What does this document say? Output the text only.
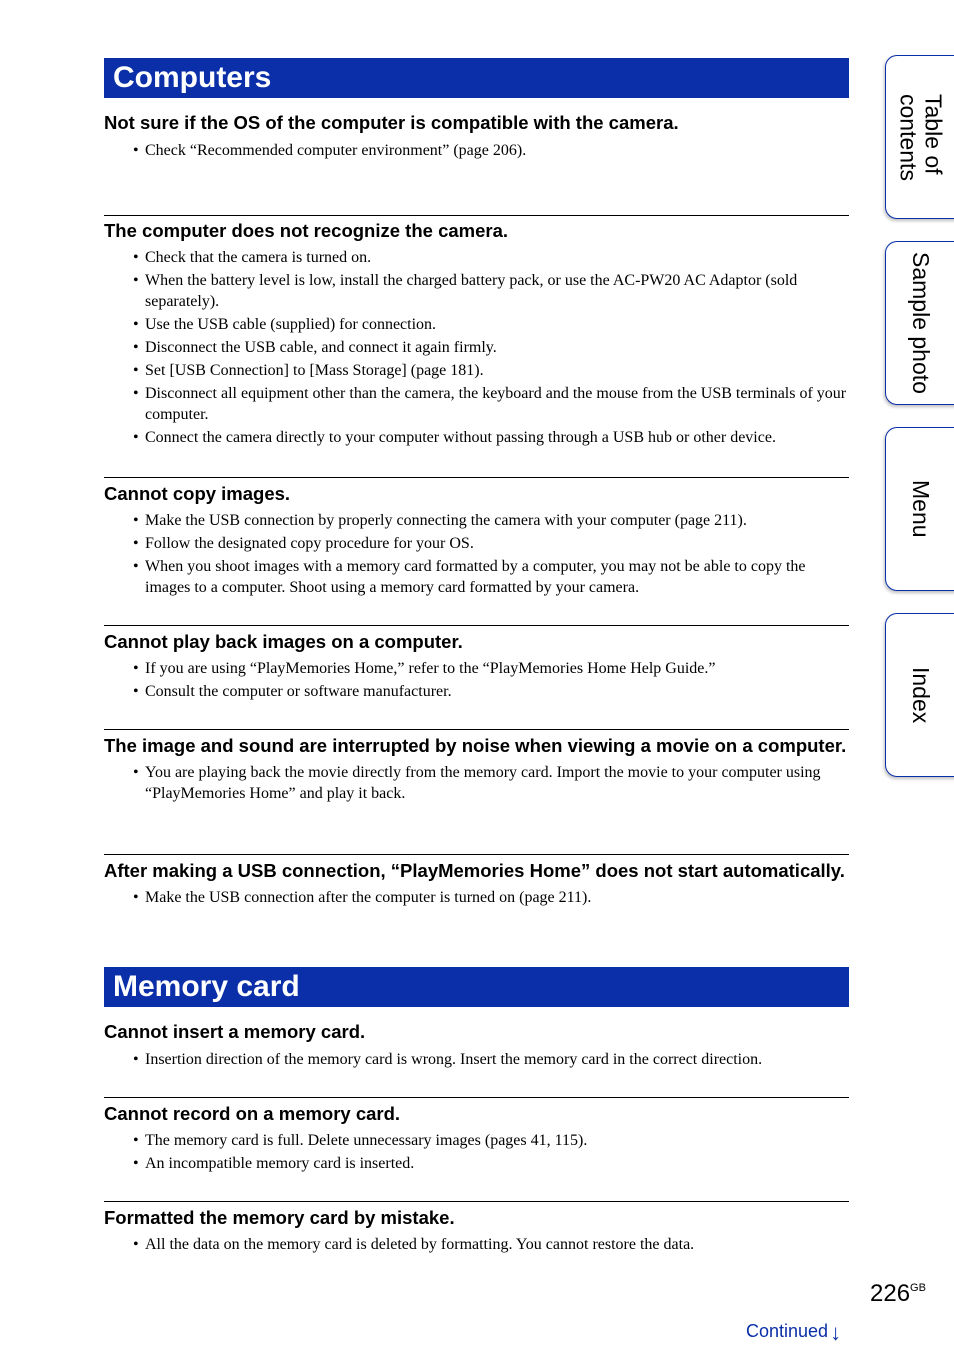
Computers
Not sure if the OS of the computer is compatible with the camera.
• Check “Recommended computer environment” (page 206).
The computer does not recognize the camera.
• Check that the camera is turned on.
• When the battery level is low, install the charged battery pack, or use the AC-PW20 AC Adaptor (sold separately).
• Use the USB cable (supplied) for connection.
• Disconnect the USB cable, and connect it again firmly.
• Set [USB Connection] to [Mass Storage] (page 181).
• Disconnect all equipment other than the camera, the keyboard and the mouse from the USB terminals of your computer.
• Connect the camera directly to your computer without passing through a USB hub or other device.
Cannot copy images.
• Make the USB connection by properly connecting the camera with your computer (page 211).
• Follow the designated copy procedure for your OS.
• When you shoot images with a memory card formatted by a computer, you may not be able to copy the images to a computer. Shoot using a memory card formatted by your camera.
Cannot play back images on a computer.
• If you are using “PlayMemories Home,” refer to the “PlayMemories Home Help Guide.”
• Consult the computer or software manufacturer.
The image and sound are interrupted by noise when viewing a movie on a computer.
• You are playing back the movie directly from the memory card. Import the movie to your computer using “PlayMemories Home” and play it back.
After making a USB connection, “PlayMemories Home” does not start automatically.
• Make the USB connection after the computer is turned on (page 211).
Memory card
Cannot insert a memory card.
• Insertion direction of the memory card is wrong. Insert the memory card in the correct direction.
Cannot record on a memory card.
• The memory card is full. Delete unnecessary images (pages 41, 115).
• An incompatible memory card is inserted.
Formatted the memory card by mistake.
• All the data on the memory card is deleted by formatting. You cannot restore the data.
Table of
contents
Sample photo
Menu
Index
$226^{GB}$
Continued↓
